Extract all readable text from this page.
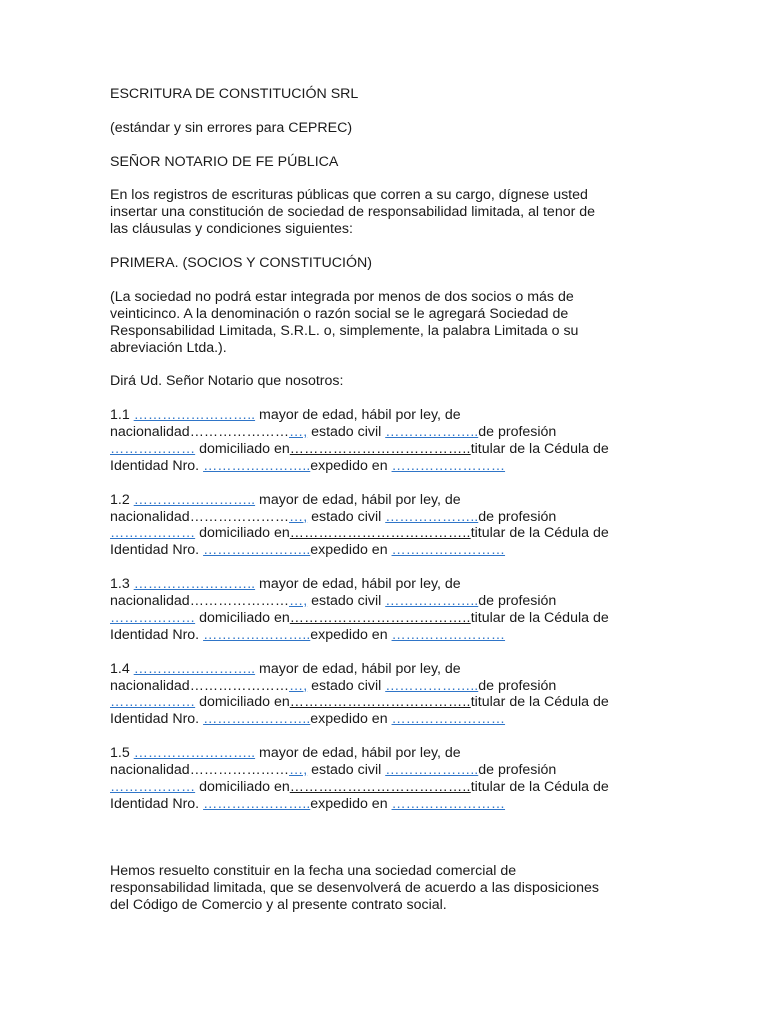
ESCRITURA DE CONSTITUCIÓN SRL

(estándar y sin errores para CEPREC)

SEÑOR NOTARIO DE FE PÚBLICA

En los registros de escrituras públicas que corren a su cargo, dígnese usted
insertar una constitución de sociedad de responsabilidad limitada, al tenor de
las cláusulas y condiciones siguientes:

PRIMERA. (SOCIOS Y CONSTITUCIÓN)

(La sociedad no podrá estar integrada por menos de dos socios o más de
veinticinco. A la denominación o razón social se le agregará Sociedad de
Responsabilidad Limitada, S.R.L. o, simplemente, la palabra Limitada o su
abreviación Ltda.).

Dirá Ud. Señor Notario que nosotros:

1.1 …………………….. mayor de edad, hábil por ley, de
nacionalidad……………………, estado civil ………………..de profesión
……………… domiciliado en………………………………..titular de la Cédula de
Identidad Nro. …………………..expedido en ……………………

1.2 …………………….. mayor de edad, hábil por ley, de
nacionalidad……………………, estado civil ………………..de profesión
……………… domiciliado en………………………………..titular de la Cédula de
Identidad Nro. …………………..expedido en ……………………

1.3 …………………….. mayor de edad, hábil por ley, de
nacionalidad……………………, estado civil ………………..de profesión
……………… domiciliado en………………………………..titular de la Cédula de
Identidad Nro. …………………..expedido en ……………………

1.4 …………………….. mayor de edad, hábil por ley, de
nacionalidad……………………, estado civil ………………..de profesión
……………… domiciliado en………………………………..titular de la Cédula de
Identidad Nro. …………………..expedido en ……………………

1.5 …………………….. mayor de edad, hábil por ley, de
nacionalidad……………………, estado civil ………………..de profesión
……………… domiciliado en………………………………..titular de la Cédula de
Identidad Nro. …………………..expedido en ……………………

Hemos resuelto constituir en la fecha una sociedad comercial de
responsabilidad limitada, que se desenvolverá de acuerdo a las disposiciones
del Código de Comercio y al presente contrato social.
